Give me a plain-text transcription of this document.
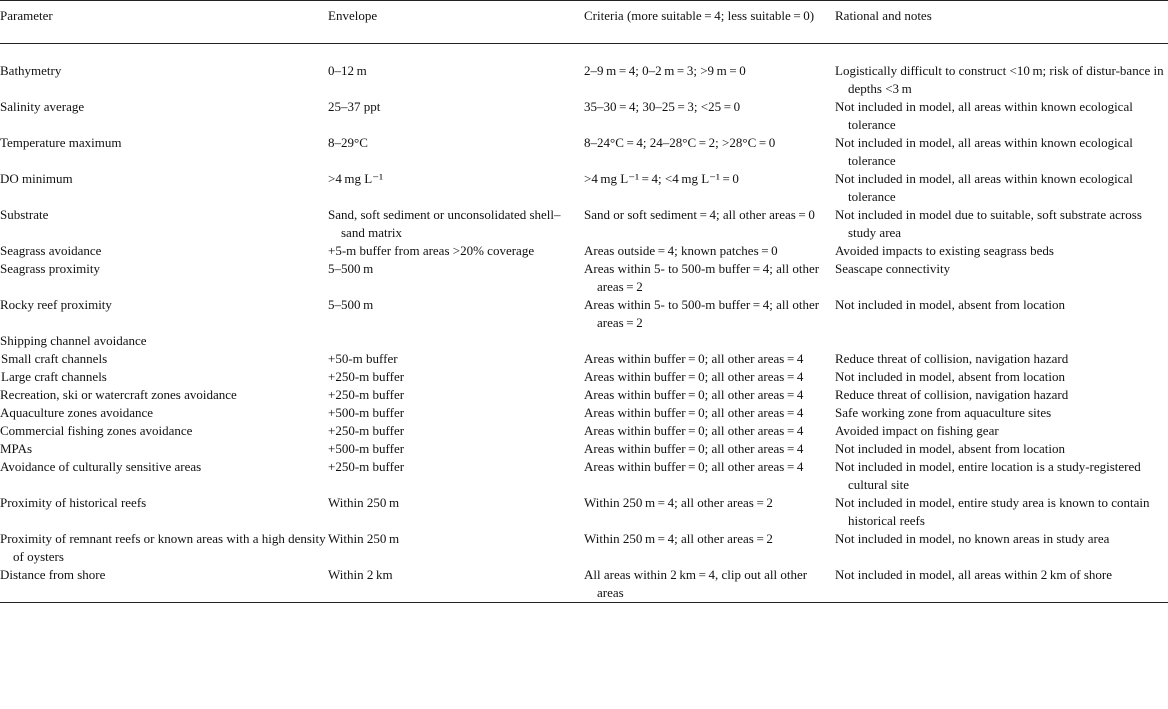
Parameter	Envelope	Criteria (more suitable = 4; less suitable = 0)	Rational and notes
Bathymetry	0–12 m	2–9 m = 4; 0–2 m = 3; >9 m = 0	Logistically difficult to construct <10 m; risk of distur-bance in depths <3 m
Salinity average	25–37 ppt	35–30 = 4; 30–25 = 3; <25 = 0	Not included in model, all areas within known ecological tolerance
Temperature maximum	8–29°C	8–24°C = 4; 24–28°C = 2; >28°C = 0	Not included in model, all areas within known ecological tolerance
DO minimum	>4 mg L⁻¹	>4 mg L⁻¹ = 4; <4 mg L⁻¹ = 0	Not included in model, all areas within known ecological tolerance
Substrate	Sand, soft sediment or unconsolidated shell–sand matrix	Sand or soft sediment = 4; all other areas = 0	Not included in model due to suitable, soft substrate across study area
Seagrass avoidance	+5-m buffer from areas >20% coverage	Areas outside = 4; known patches = 0	Avoided impacts to existing seagrass beds
Seagrass proximity	5–500 m	Areas within 5- to 500-m buffer = 4; all other areas = 2	Seascape connectivity
Rocky reef proximity	5–500 m	Areas within 5- to 500-m buffer = 4; all other areas = 2	Not included in model, absent from location
Shipping channel avoidance			
Small craft channels	+50-m buffer	Areas within buffer = 0; all other areas = 4	Reduce threat of collision, navigation hazard
Large craft channels	+250-m buffer	Areas within buffer = 0; all other areas = 4	Not included in model, absent from location
Recreation, ski or watercraft zones avoidance	+250-m buffer	Areas within buffer = 0; all other areas = 4	Reduce threat of collision, navigation hazard
Aquaculture zones avoidance	+500-m buffer	Areas within buffer = 0; all other areas = 4	Safe working zone from aquaculture sites
Commercial fishing zones avoidance	+250-m buffer	Areas within buffer = 0; all other areas = 4	Avoided impact on fishing gear
MPAs	+500-m buffer	Areas within buffer = 0; all other areas = 4	Not included in model, absent from location
Avoidance of culturally sensitive areas	+250-m buffer	Areas within buffer = 0; all other areas = 4	Not included in model, entire location is a study-registered cultural site
Proximity of historical reefs	Within 250 m	Within 250 m = 4; all other areas = 2	Not included in model, entire study area is known to contain historical reefs
Proximity of remnant reefs or known areas with a high density of oysters	Within 250 m	Within 250 m = 4; all other areas = 2	Not included in model, no known areas in study area
Distance from shore	Within 2 km	All areas within 2 km = 4, clip out all other areas	Not included in model, all areas within 2 km of shore
